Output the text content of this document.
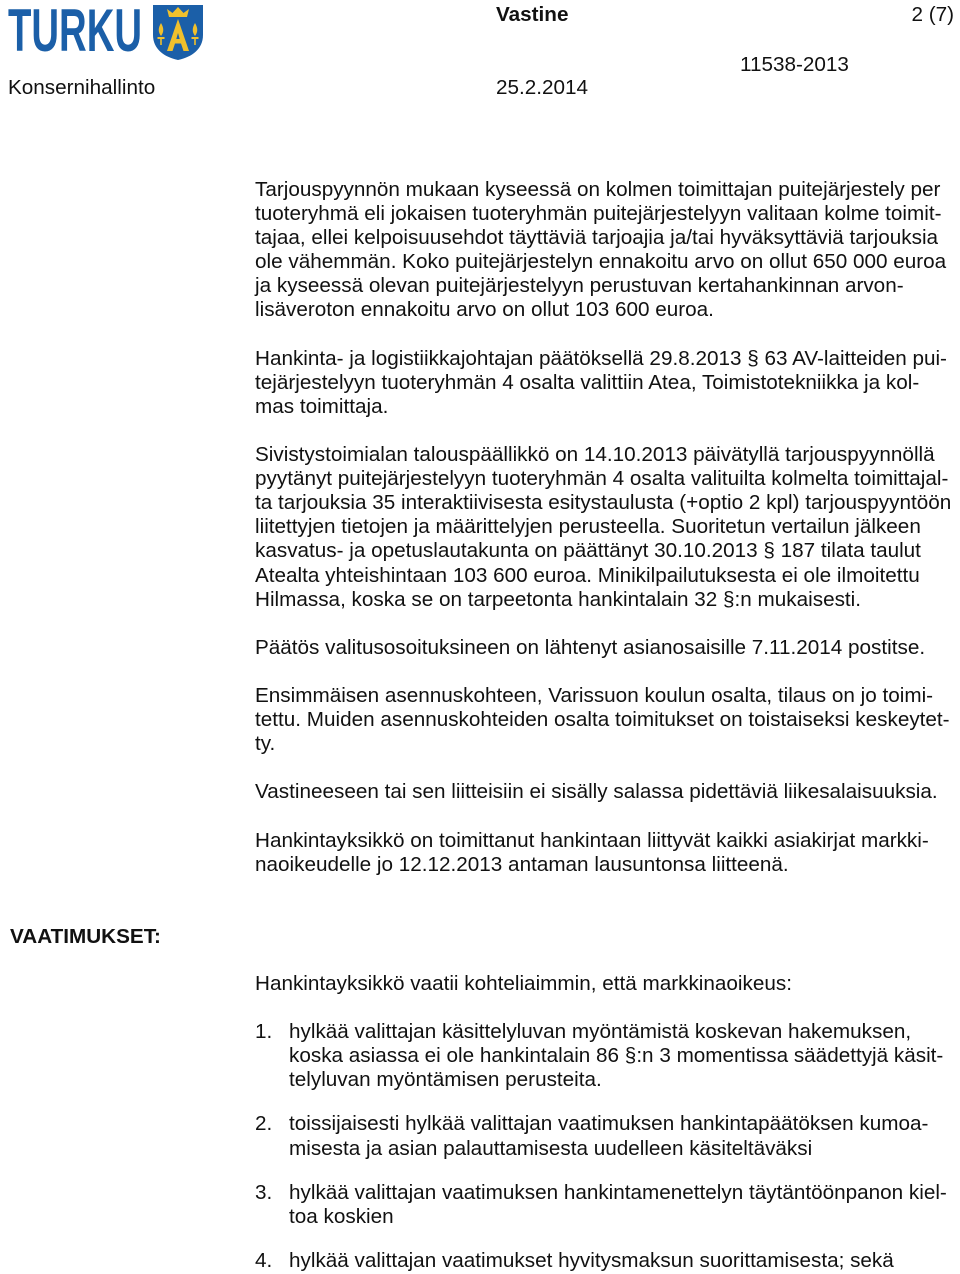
TURKU	Vastine	2 (7)
11538-2013
Konsernihallinto	25.2.2014
Tarjouspyynnön mukaan kyseessä on kolmen toimittajan puitejärjestely per
tuoteryhmä eli jokaisen tuoteryhmän puitejärjestelyyn valitaan kolme toimit-
tajaa, ellei kelpoisuusehdot täyttäviä tarjoajia ja/tai hyväksyttäviä tarjouksia
ole vähemmän. Koko puitejärjestelyn ennakoitu arvo on ollut 650 000 euroa
ja kyseessä olevan puitejärjestelyyn perustuvan kertahankinnan arvon-
lisäveroton ennakoitu arvo on ollut 103 600 euroa.
Hankinta- ja logistiikkajohtajan päätöksellä 29.8.2013 § 63 AV-laitteiden pui-
tejärjestelyyn tuoteryhmän 4 osalta valittiin Atea, Toimistotekniikka ja kol-
mas toimittaja.
Sivistystoimialan talouspäällikkö on 14.10.2013 päivätyllä tarjouspyynnöllä
pyytänyt puitejärjestelyyn tuoteryhmän 4 osalta valituilta kolmelta toimittajal-
ta tarjouksia 35 interaktiivisesta esitystaulusta (+optio 2 kpl) tarjouspyyntöön
liitettyjen tietojen ja määrittelyjen perusteella. Suoritetun vertailun jälkeen
kasvatus- ja opetuslautakunta on päättänyt 30.10.2013 § 187 tilata taulut
Atealta yhteishintaan 103 600 euroa. Minikilpailutuksesta ei ole ilmoitettu
Hilmassa, koska se on tarpeetonta hankintalain 32 §:n mukaisesti.
Päätös valitusosoituksineen on lähtenyt asianosaisille 7.11.2014 postitse.
Ensimmäisen asennuskohteen, Varissuon koulun osalta, tilaus on jo toimi-
tettu. Muiden asennuskohteiden osalta toimitukset on toistaiseksi keskeytet-
ty.
Vastineeseen tai sen liitteisiin ei sisälly salassa pidettäviä liikesalaisuuksia.
Hankintayksikkö on toimittanut hankintaan liittyvät kaikki asiakirjat markki-
naoikeudelle jo 12.12.2013 antaman lausuntonsa liitteenä.
VAATIMUKSET:
Hankintayksikkö vaatii kohteliaimmin, että markkinaoikeus:
1. hylkää valittajan käsittelyluvan myöntämistä koskevan hakemuksen,
koska asiassa ei ole hankintalain 86 §:n 3 momentissa säädettyjä käsit-
telyluvan myöntämisen perusteita.
2. toissijaisesti hylkää valittajan vaatimuksen hankintapäätöksen kumoa-
misesta ja asian palauttamisesta uudelleen käsiteltäväksi
3. hylkää valittajan vaatimuksen hankintamenettelyn täytäntöönpanon kiel-
toa koskien
4. hylkää valittajan vaatimukset hyvitysmaksun suorittamisesta; sekä
